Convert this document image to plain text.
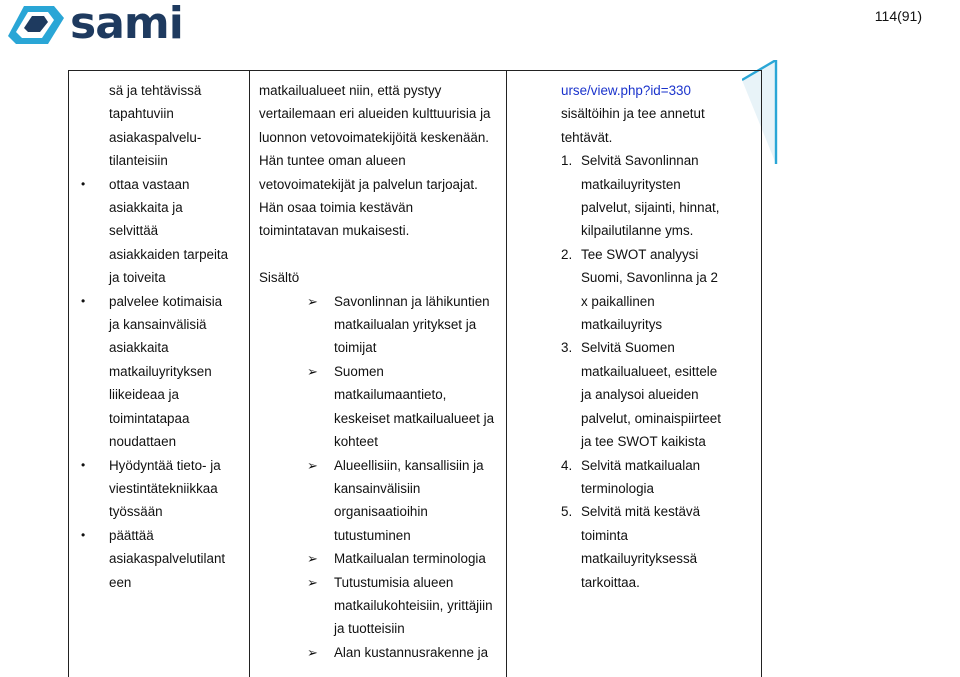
sami	114(91)

sä ja tehtävissä

tapahtuviin

asiakaspalvelu-

tilanteisiin

• ottaa vastaan

asiakkaita ja

selvittää

asiakkaiden tarpeita

ja toiveita

• palvelee kotimaisia

ja kansainvälisiä

asiakkaita

matkailuyrityksen

liikeideaa ja

toimintatapaa

noudattaen

• Hyödyntää tieto- ja

viestintätekniikkaa

työssään

• päättää

asiakaspalvelutilant

een

matkailualueet niin, että pystyy

vertailemaan eri alueiden kulttuurisia ja

luonnon vetovoimatekijöitä keskenään.

Hän tuntee oman alueen

vetovoimatekijät ja palvelun tarjoajat.

Hän osaa toimia kestävän

toimintatavan mukaisesti.

Sisältö

➢ Savonlinnan ja lähikuntien

matkailualan yritykset ja

toimijat

➢ Suomen

matkailumaantieto,

keskeiset matkailualueet ja

kohteet

➢ Alueellisiin, kansallisiin ja

kansainvälisiin

organisaatioihin

tutustuminen

➢ Matkailualan terminologia

➢ Tutustumisia alueen

matkailukohteisiin, yrittäjiin

ja tuotteisiin

➢ Alan kustannusrakenne ja

urse/view.php?id=330

sisältöihin ja tee annetut

tehtävät.

1. Selvitä Savonlinnan

matkailuyritysten

palvelut, sijainti, hinnat,

kilpailutilanne yms.

2. Tee SWOT analyysi

Suomi, Savonlinna ja 2

x paikallinen

matkailuyritys

3. Selvitä Suomen

matkailualueet, esittele

ja analysoi alueiden

palvelut, ominaispiirteet

ja tee SWOT kaikista

4. Selvitä matkailualan

terminologia

5. Selvitä mitä kestävä

toiminta

matkailuyrityksessä

tarkoittaa.
